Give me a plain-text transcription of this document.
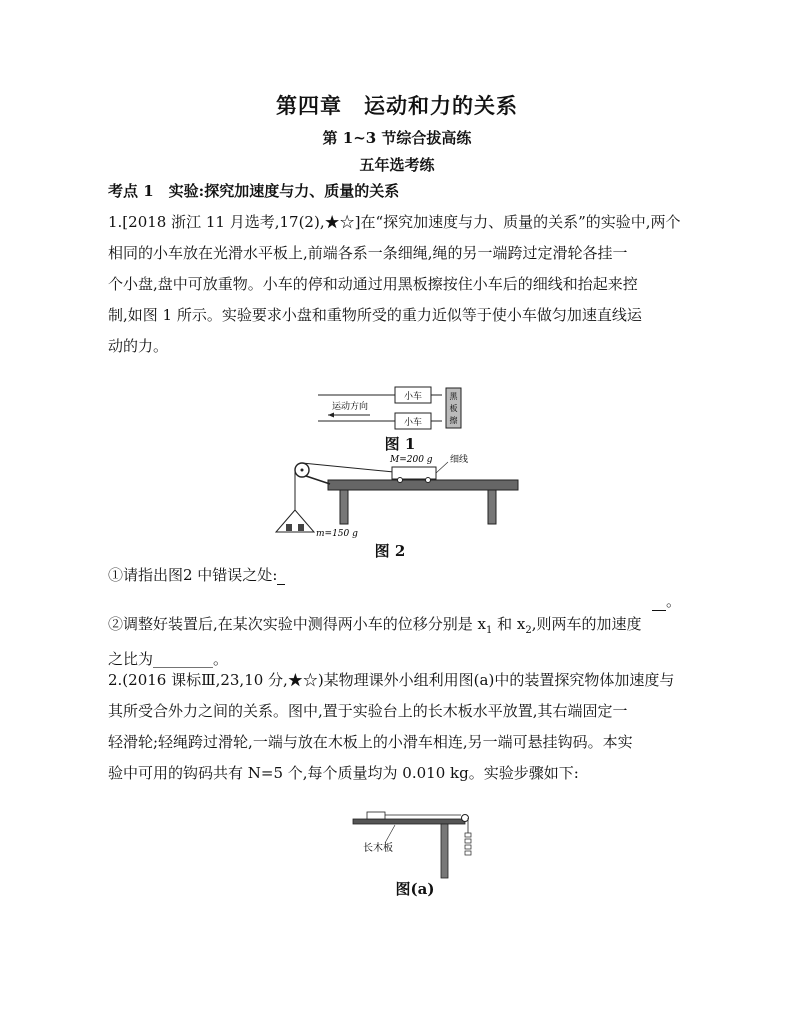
第四章　运动和力的关系
第 1~3 节综合拔高练
五年选考练
考点 1　实验:探究加速度与力、质量的关系
1.[2018 浙江 11 月选考,17(2),★☆]在“探究加速度与力、质量的关系”的实验中,两个
相同的小车放在光滑水平板上,前端各系一条细绳,绳的另一端跨过定滑轮各挂一
个小盘,盘中可放重物。小车的停和动通过用黑板擦按住小车后的细线和抬起来控
制,如图 1 所示。实验要求小盘和重物所受的重力近似等于使小车做匀加速直线运
动的力。
小车
小车
运动方向
黑
板
擦
图 1
M=200 g 细线
m=150 g
图 2
①请指出图2 中错误之处:
。
②调整好装置后,在某次实验中测得两小车的位移分别是 $x_1$ 和 $x_2$,则两车的加速度
之比为________。
2.(2016 课标Ⅲ,23,10 分,★☆)某物理课外小组利用图(a)中的装置探究物体加速度与
其所受合外力之间的关系。图中,置于实验台上的长木板水平放置,其右端固定一
轻滑轮;轻绳跨过滑轮,一端与放在木板上的小滑车相连,另一端可悬挂钩码。本实
验中可用的钩码共有 N=5 个,每个质量均为 0.010 kg。实验步骤如下:
长木板
图(a)
